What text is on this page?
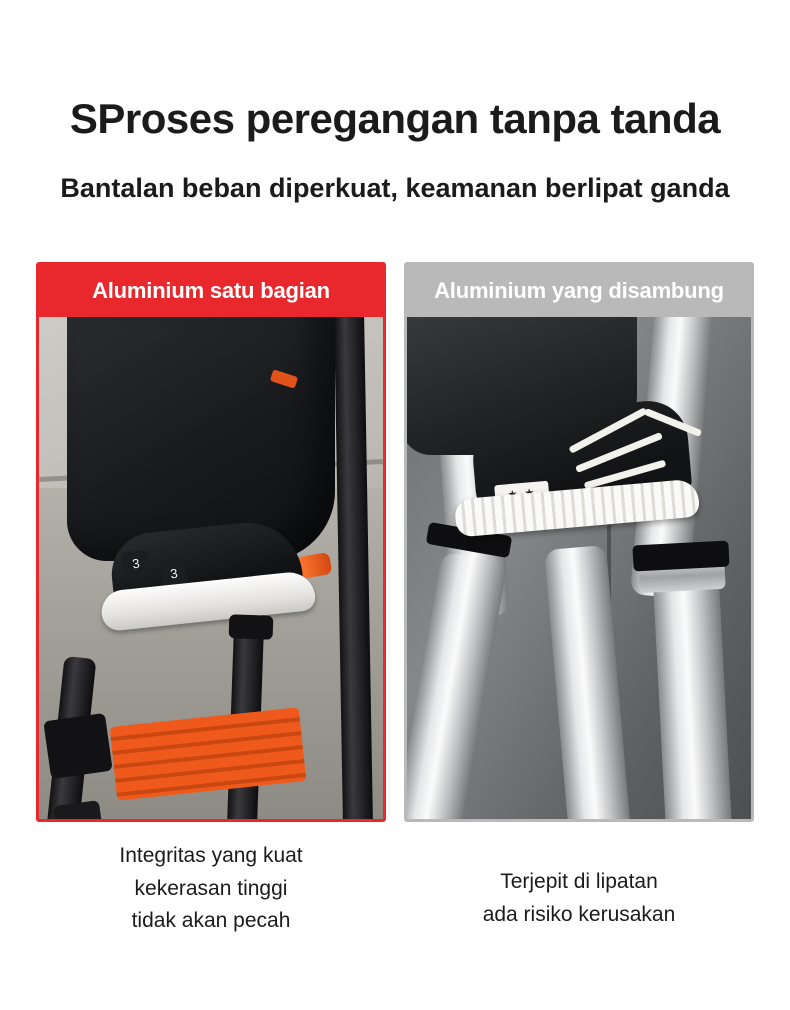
SProses peregangan tanpa tanda
Bantalan beban diperkuat, keamanan berlipat ganda
Aluminium satu bagian
3
3
Aluminium yang disambung
Integritas yang kuat
kekerasan tinggi
tidak akan pecah
Terjepit di lipatan
ada risiko kerusakan
